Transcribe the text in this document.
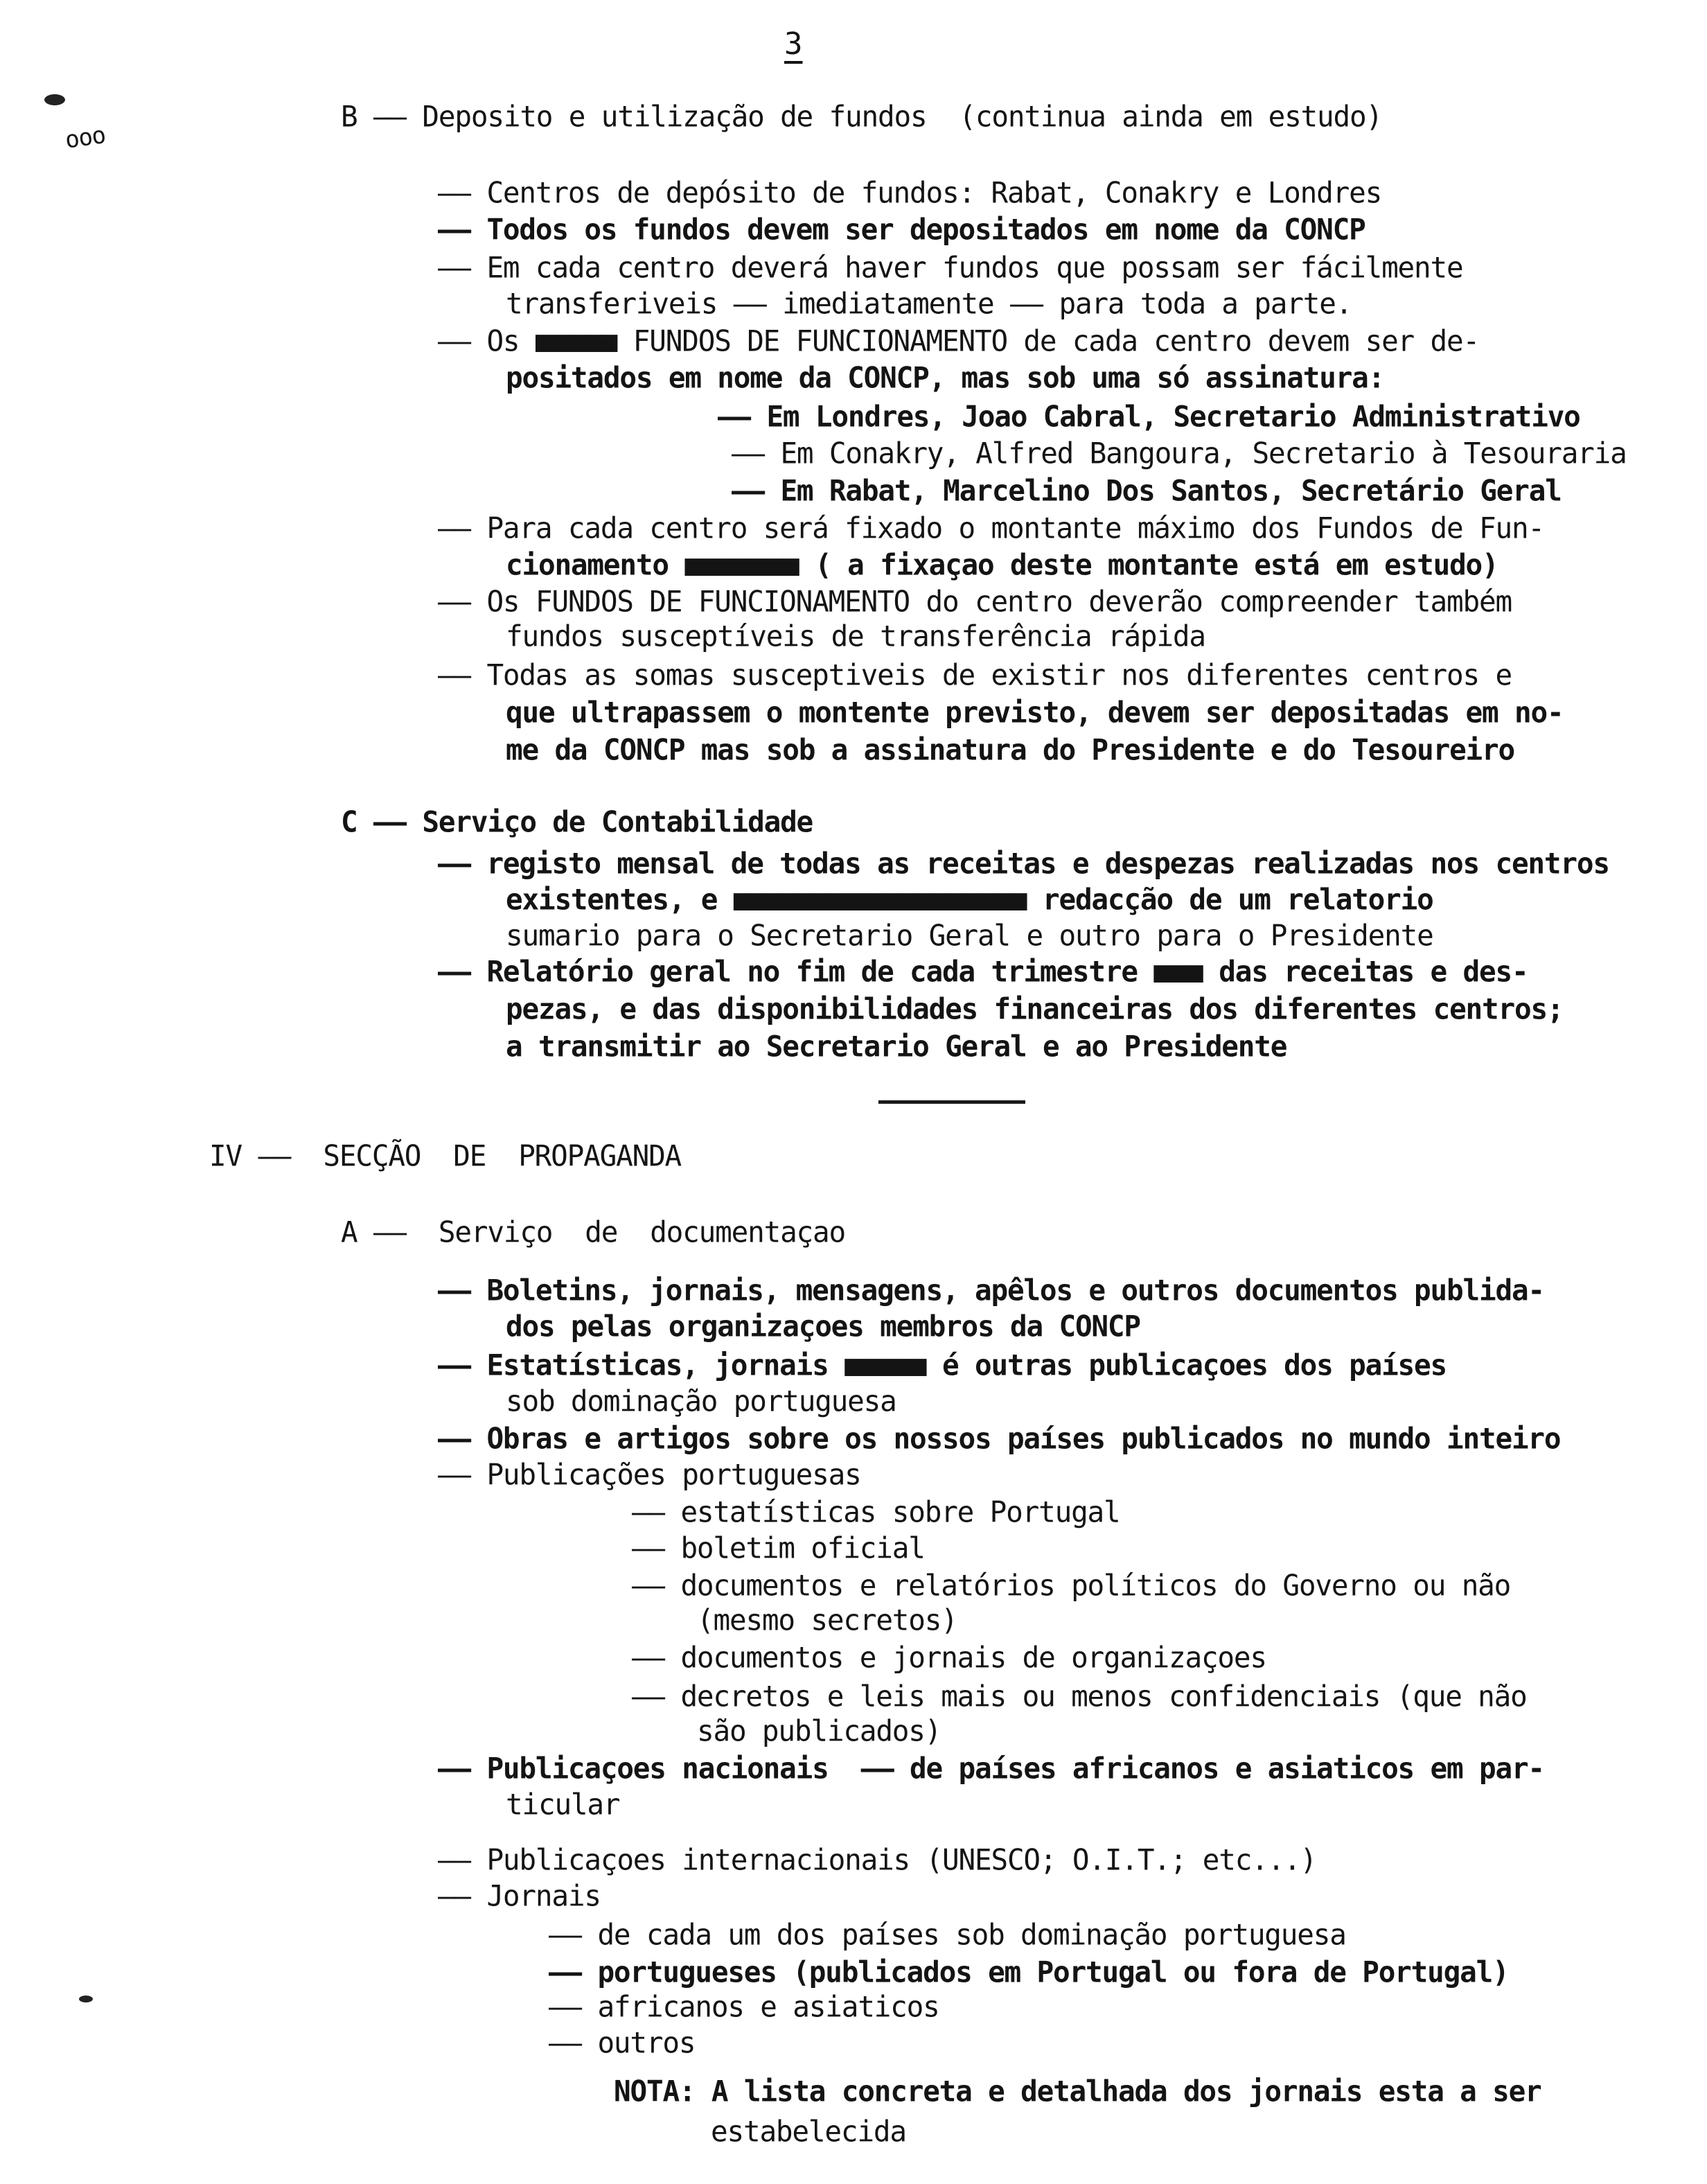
3
ooo
B —— Deposito e utilização de fundos  (continua ainda em estudo)
—— Centros de depósito de fundos: Rabat, Conakry e Londres
—— Todos os fundos devem ser depositados em nome da CONCP
—— Em cada centro deverá haver fundos que possam ser fácilmente
transferiveis —— imediatamente —— para toda a parte.
—— Os ■■■■■ FUNDOS DE FUNCIONAMENTO de cada centro devem ser de-
positados em nome da CONCP, mas sob uma só assinatura:
—— Em Londres, Joao Cabral, Secretario Administrativo
—— Em Conakry, Alfred Bangoura, Secretario à Tesouraria
—— Em Rabat, Marcelino Dos Santos, Secretário Geral
—— Para cada centro será fixado o montante máximo dos Fundos de Fun-
cionamento ■■■■■■■ ( a fixaçao deste montante está em estudo)
—— Os FUNDOS DE FUNCIONAMENTO do centro deverão compreender também
fundos susceptíveis de transferência rápida
—— Todas as somas susceptiveis de existir nos diferentes centros e
que ultrapassem o montente previsto, devem ser depositadas em no-
me da CONCP mas sob a assinatura do Presidente e do Tesoureiro
C —— Serviço de Contabilidade
—— registo mensal de todas as receitas e despezas realizadas nos centros
existentes, e ■■■■■■■■■■■■■■■■■■ redacção de um relatorio
sumario para o Secretario Geral e outro para o Presidente
—— Relatório geral no fim de cada trimestre ■■■ das receitas e des-
pezas, e das disponibilidades financeiras dos diferentes centros;
a transmitir ao Secretario Geral e ao Presidente
IV ——  SECÇÃO  DE  PROPAGANDA
A ——  Serviço  de  documentaçao
—— Boletins, jornais, mensagens, apêlos e outros documentos publida-
dos pelas organizaçoes membros da CONCP
—— Estatísticas, jornais ■■■■■ é outras publicaçoes dos países
sob dominação portuguesa
—— Obras e artigos sobre os nossos países publicados no mundo inteiro
—— Publicações portuguesas
—— estatísticas sobre Portugal
—— boletim oficial
—— documentos e relatórios políticos do Governo ou não
(mesmo secretos)
—— documentos e jornais de organizaçoes
—— decretos e leis mais ou menos confidenciais (que não
são publicados)
—— Publicaçoes nacionais  —— de países africanos e asiaticos em par-
ticular
—— Publicaçoes internacionais (UNESCO; O.I.T.; etc...)
—— Jornais
—— de cada um dos países sob dominação portuguesa
—— portugueses (publicados em Portugal ou fora de Portugal)
—— africanos e asiaticos
—— outros
NOTA: A lista concreta e detalhada dos jornais esta a ser
estabelecida
